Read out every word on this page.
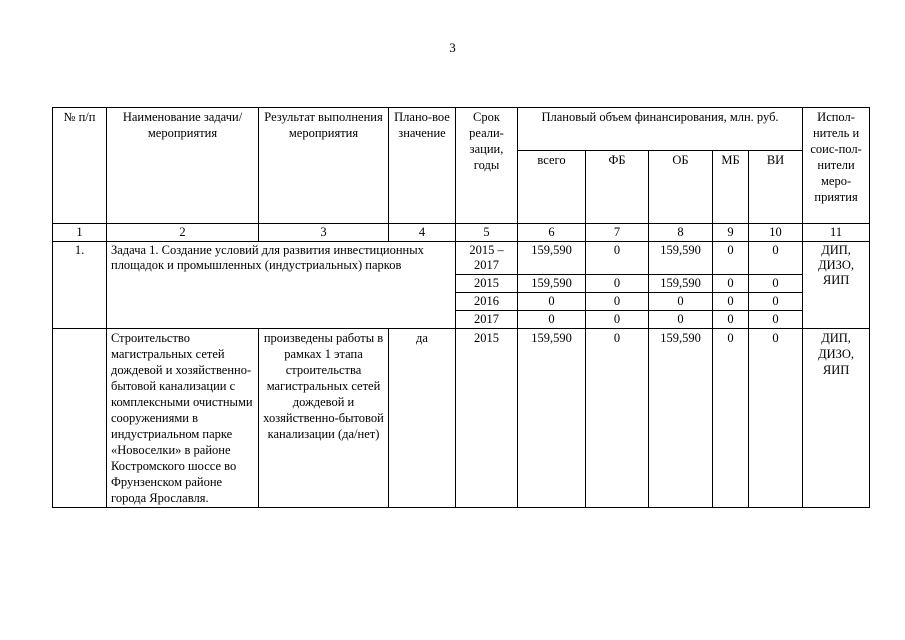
3
№ п/п	Наименование задачи/мероприятия	Результат выполнения мероприятия	Плано-вое значение	Срок реали-зации, годы	Плановый объем финансирования, млн. руб.					Испол-нитель и соис-пол-нители меро-приятия
					всего	ФБ	ОБ	МБ	ВИ	
1	2	3	4	5	6	7	8	9	10	11
1.	Задача 1. Создание условий для развития инвестиционных площадок и промышленных (индустриальных) парков			2015 – 2017	159,590	0	159,590	0	0	ДИП, ДИЗО, ЯИП
				2015	159,590	0	159,590	0	0	
				2016	0	0	0	0	0	
				2017	0	0	0	0	0	
	Строительство магистральных сетей дождевой и хозяйственно-бытовой канализации с комплексными очистными сооружениями в индустриальном парке «Новоселки» в районе Костромского шоссе во Фрунзенском районе города Ярославля.	произведены работы в рамках 1 этапа строительства магистральных сетей дождевой и хозяйственно-бытовой канализации (да/нет)	да	2015	159,590	0	159,590	0	0	ДИП, ДИЗО, ЯИП
